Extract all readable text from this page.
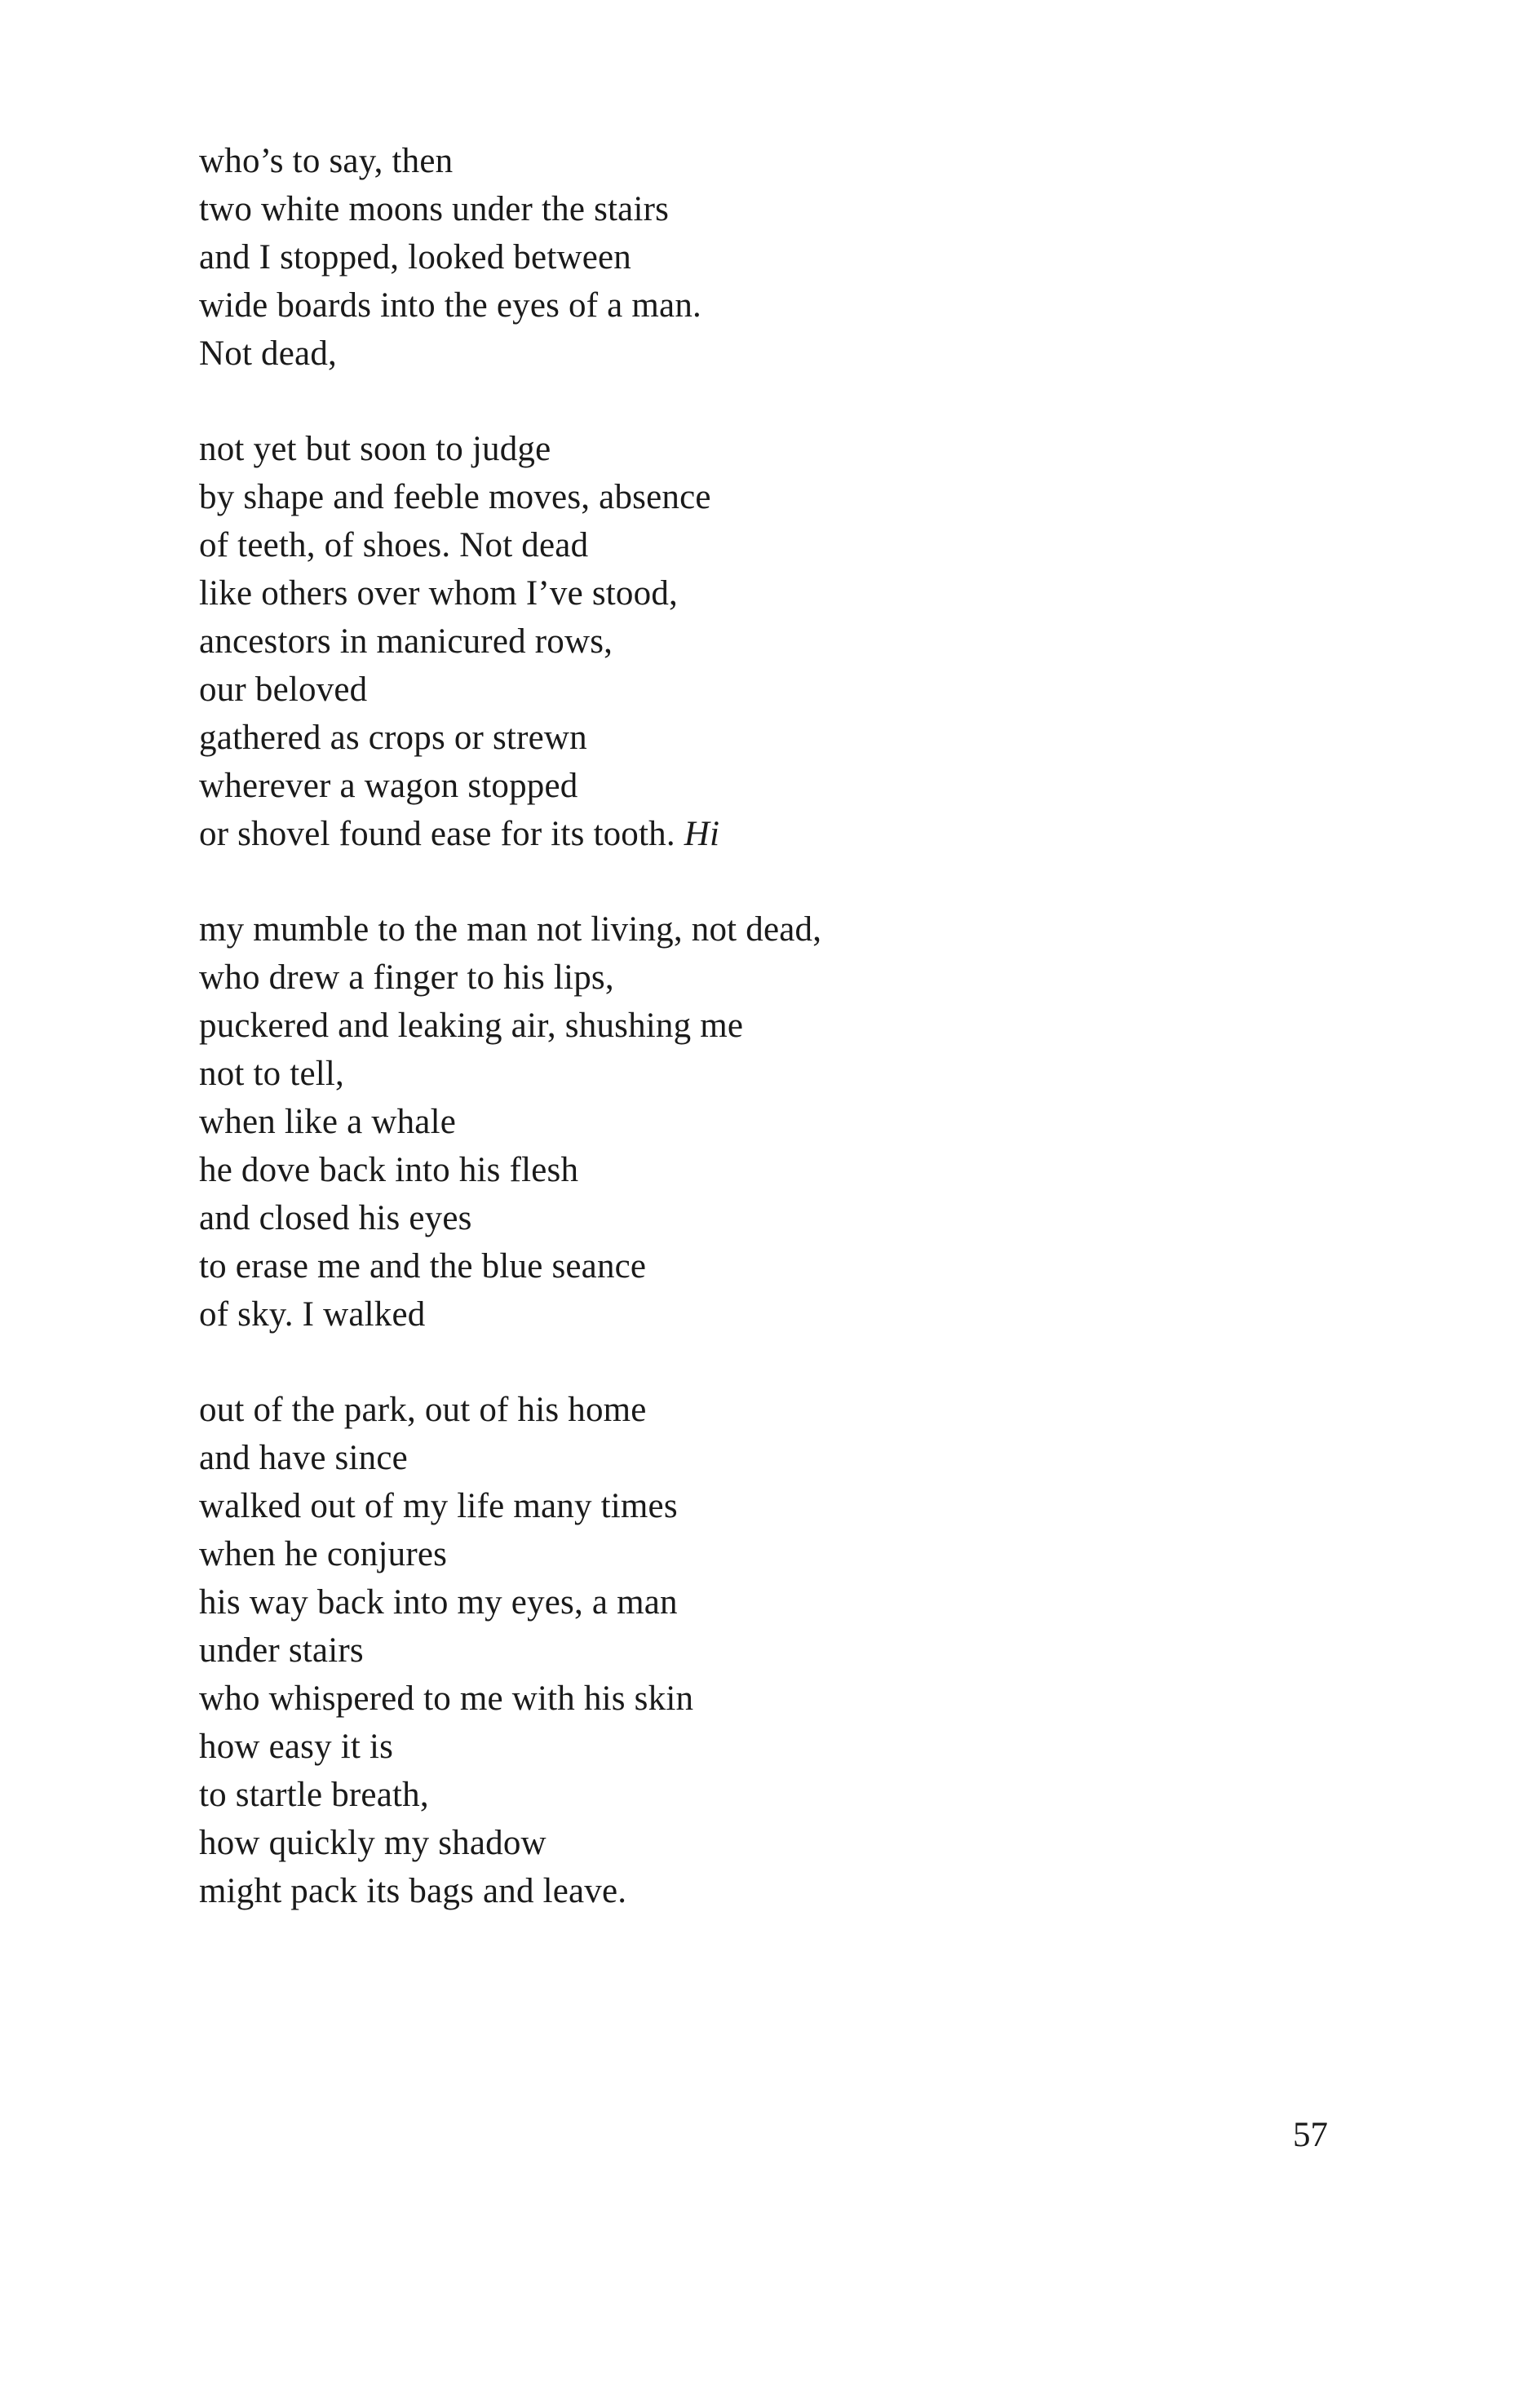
who’s to say, then
two white moons under the stairs
and I stopped, looked between
wide boards into the eyes of a man.
Not dead,
not yet but soon to judge
by shape and feeble moves, absence
of teeth, of shoes. Not dead
like others over whom I’ve stood,
ancestors in manicured rows,
our beloved
gathered as crops or strewn
wherever a wagon stopped
or shovel found ease for its tooth. Hi
my mumble to the man not living, not dead,
who drew a finger to his lips,
puckered and leaking air, shushing me
not to tell,
when like a whale
he dove back into his flesh
and closed his eyes
to erase me and the blue seance
of sky. I walked
out of the park, out of his home
and have since
walked out of my life many times
when he conjures
his way back into my eyes, a man
under stairs
who whispered to me with his skin
how easy it is
to startle breath,
how quickly my shadow
might pack its bags and leave.
57
